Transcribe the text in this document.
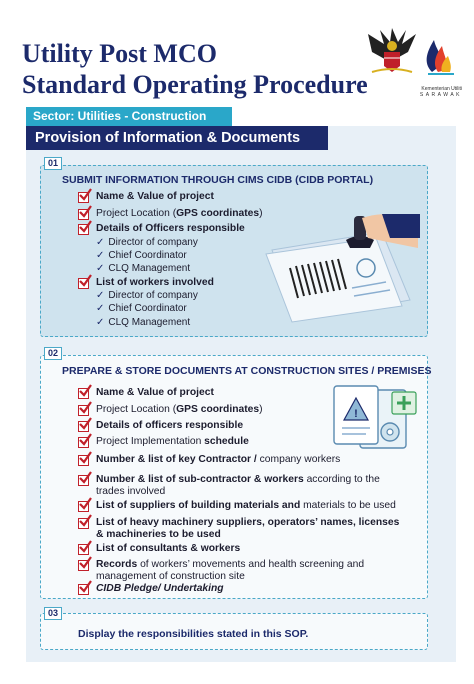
Utility Post MCO
Standard Operating Procedure	Kementerian Utiliti
SARAWAK
Sector: Utilities - Construction
Provision of Information & Documents
01
SUBMIT INFORMATION THROUGH CIMS CIDB (CIDB PORTAL)
Name & Value of project
Project Location (GPS coordinates)
Details of Officers responsible
✓ Director of company
✓ Chief Coordinator
✓ CLQ Management
List of workers involved
✓ Director of company
✓ Chief Coordinator
✓ CLQ Management
02
PREPARE & STORE DOCUMENTS AT CONSTRUCTION SITES / PREMISES
!
Name & Value of project
Project Location (GPS coordinates)
Details of officers responsible
Project Implementation schedule
Number & list of key Contractor / company workers
Number & list of sub-contractor & workers according to the
trades involved
List of suppliers of building materials and materials to be used
List of heavy machinery suppliers, operators’ names, licenses
& machineries to be used
List of consultants & workers
Records of workers’ movements and health screening and
management of construction site
CIDB Pledge/ Undertaking
03
Display the responsibilities stated in this SOP.
